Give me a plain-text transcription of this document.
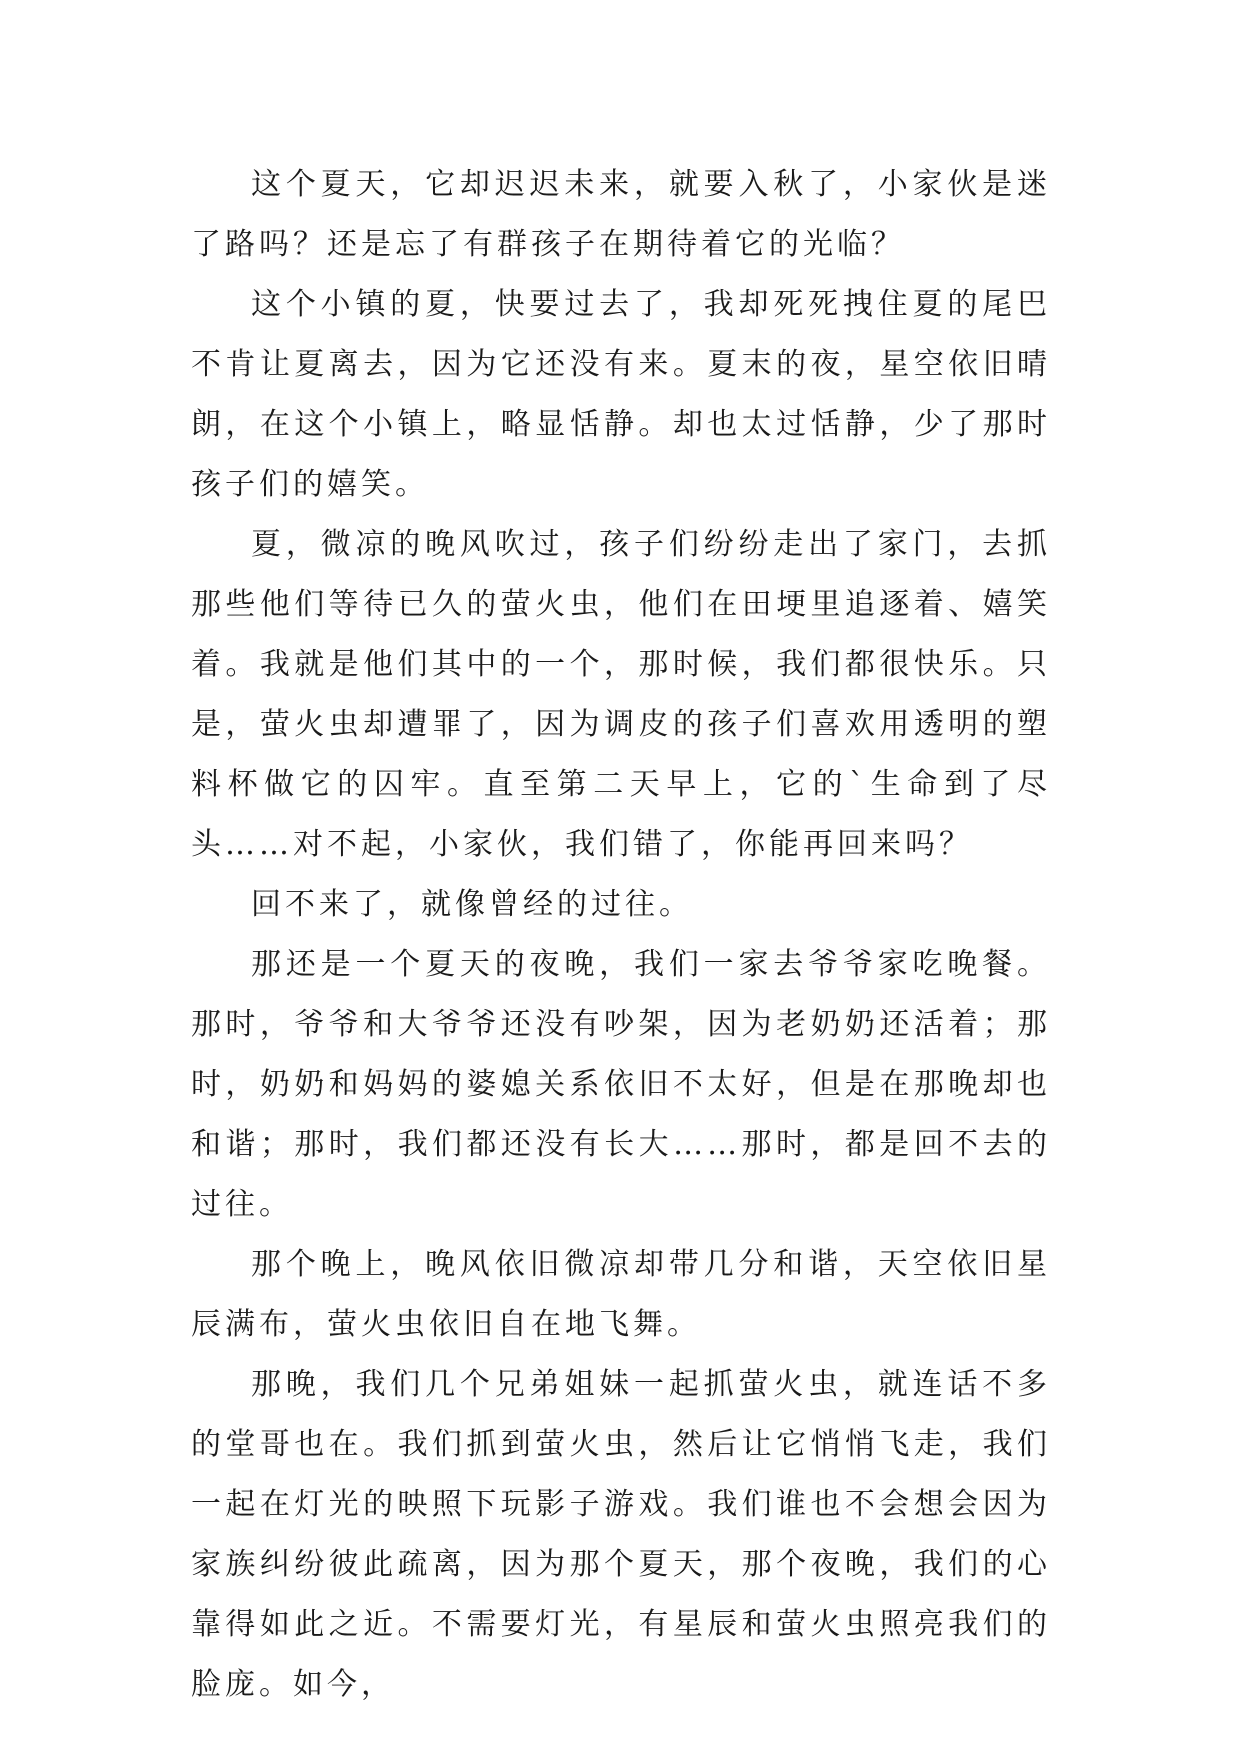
这个夏天，它却迟迟未来，就要入秋了，小家伙是迷了路吗？还是忘了有群孩子在期待着它的光临？

这个小镇的夏，快要过去了，我却死死拽住夏的尾巴不肯让夏离去，因为它还没有来。夏末的夜，星空依旧晴朗，在这个小镇上，略显恬静。却也太过恬静，少了那时孩子们的嬉笑。

夏，微凉的晚风吹过，孩子们纷纷走出了家门，去抓那些他们等待已久的萤火虫，他们在田埂里追逐着、嬉笑着。我就是他们其中的一个，那时候，我们都很快乐。只是，萤火虫却遭罪了，因为调皮的孩子们喜欢用透明的塑料杯做它的囚牢。直至第二天早上，它的`生命到了尽头……对不起，小家伙，我们错了，你能再回来吗？

回不来了，就像曾经的过往。

那还是一个夏天的夜晚，我们一家去爷爷家吃晚餐。那时，爷爷和大爷爷还没有吵架，因为老奶奶还活着；那时，奶奶和妈妈的婆媳关系依旧不太好，但是在那晚却也和谐；那时，我们都还没有长大……那时，都是回不去的过往。

那个晚上，晚风依旧微凉却带几分和谐，天空依旧星辰满布，萤火虫依旧自在地飞舞。

那晚，我们几个兄弟姐妹一起抓萤火虫，就连话不多的堂哥也在。我们抓到萤火虫，然后让它悄悄飞走，我们一起在灯光的映照下玩影子游戏。我们谁也不会想会因为家族纠纷彼此疏离，因为那个夏天，那个夜晚，我们的心靠得如此之近。不需要灯光，有星辰和萤火虫照亮我们的脸庞。如今，
